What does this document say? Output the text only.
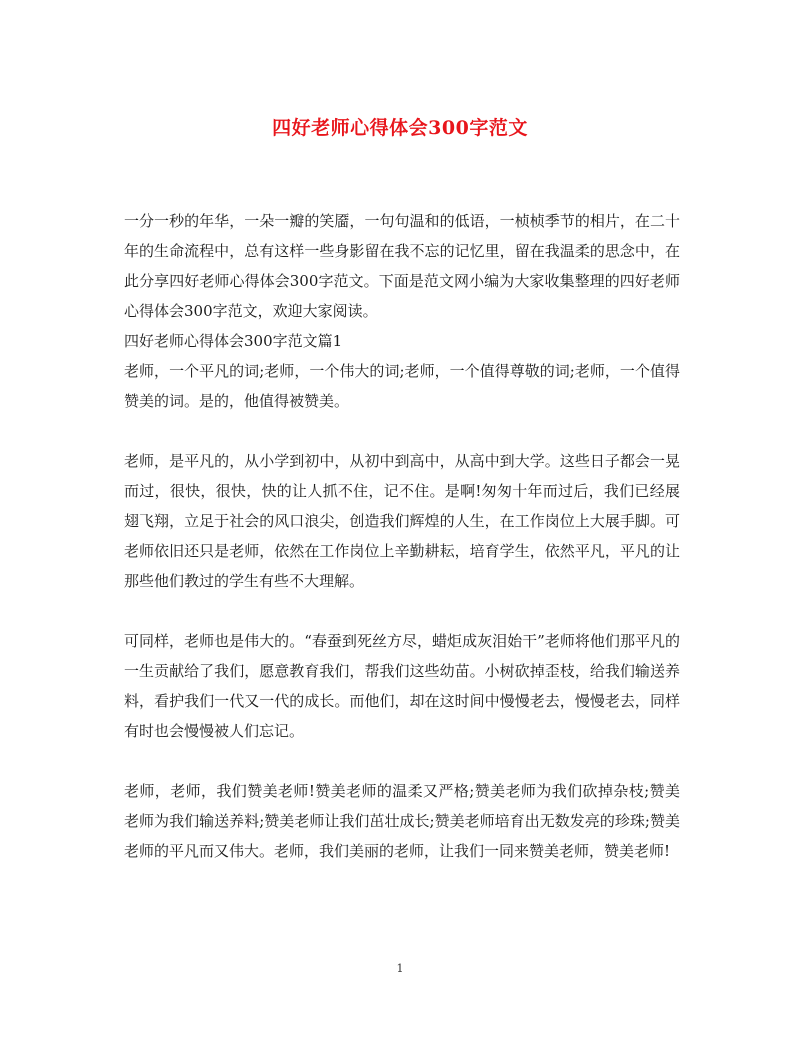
四好老师心得体会300字范文

一分一秒的年华，一朵一瓣的笑靥，一句句温和的低语，一桢桢季节的相片，在二十年的生命流程中，总有这样一些身影留在我不忘的记忆里，留在我温柔的思念中，在此分享四好老师心得体会300字范文。下面是范文网小编为大家收集整理的四好老师心得体会300字范文，欢迎大家阅读。

四好老师心得体会300字范文篇1

老师，一个平凡的词;老师，一个伟大的词;老师，一个值得尊敬的词;老师，一个值得赞美的词。是的，他值得被赞美。

老师，是平凡的，从小学到初中，从初中到高中，从高中到大学。这些日子都会一晃而过，很快，很快，快的让人抓不住，记不住。是啊!匆匆十年而过后，我们已经展翅飞翔，立足于社会的风口浪尖，创造我们辉煌的人生，在工作岗位上大展手脚。可老师依旧还只是老师，依然在工作岗位上辛勤耕耘，培育学生，依然平凡，平凡的让那些他们教过的学生有些不大理解。

可同样，老师也是伟大的。“春蚕到死丝方尽，蜡炬成灰泪始干”老师将他们那平凡的一生贡献给了我们，愿意教育我们，帮我们这些幼苗。小树砍掉歪枝，给我们输送养料，看护我们一代又一代的成长。而他们，却在这时间中慢慢老去，慢慢老去，同样有时也会慢慢被人们忘记。

老师，老师，我们赞美老师!赞美老师的温柔又严格;赞美老师为我们砍掉杂枝;赞美老师为我们输送养料;赞美老师让我们茁壮成长;赞美老师培育出无数发亮的珍珠;赞美老师的平凡而又伟大。老师，我们美丽的老师，让我们一同来赞美老师，赞美老师!

1
